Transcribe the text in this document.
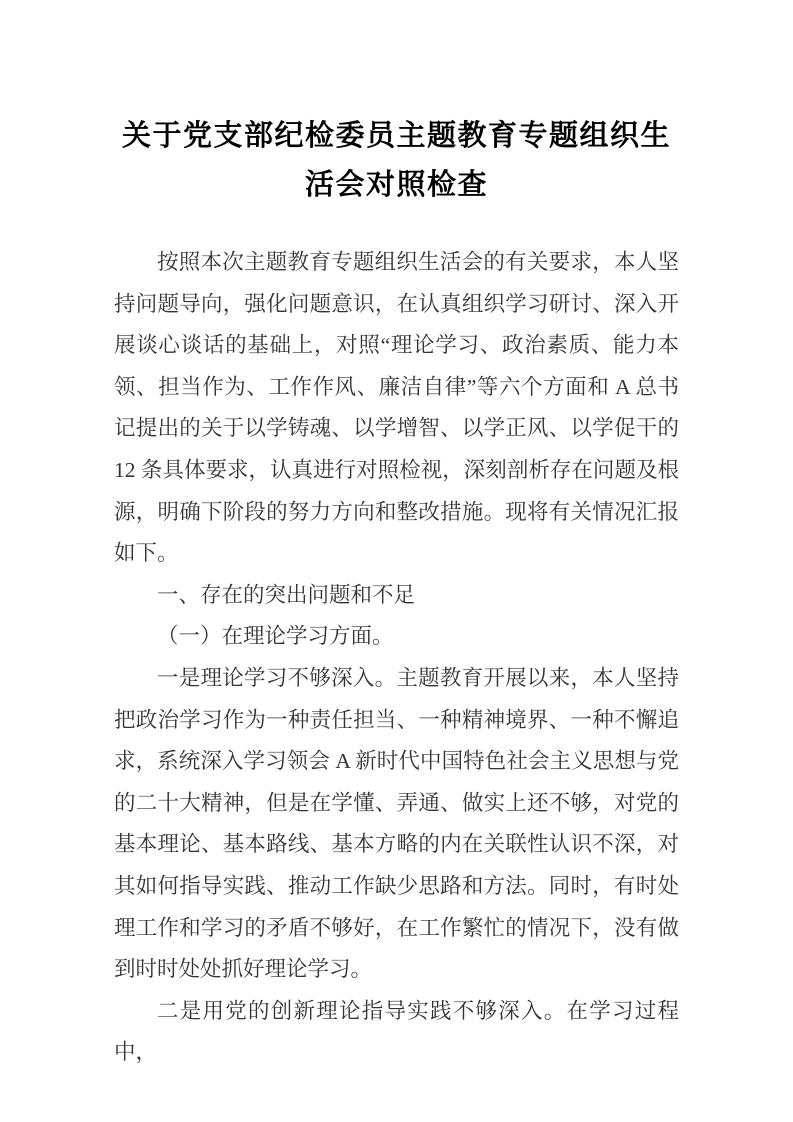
关于党支部纪检委员主题教育专题组织生活会对照检查

按照本次主题教育专题组织生活会的有关要求，本人坚持问题导向，强化问题意识，在认真组织学习研讨、深入开展谈心谈话的基础上，对照“理论学习、政治素质、能力本领、担当作为、工作作风、廉洁自律”等六个方面和 A 总书记提出的关于以学铸魂、以学增智、以学正风、以学促干的 12 条具体要求，认真进行对照检视，深刻剖析存在问题及根源，明确下阶段的努力方向和整改措施。现将有关情况汇报如下。

一、存在的突出问题和不足

（一）在理论学习方面。

一是理论学习不够深入。主题教育开展以来，本人坚持把政治学习作为一种责任担当、一种精神境界、一种不懈追求，系统深入学习领会 A 新时代中国特色社会主义思想与党的二十大精神，但是在学懂、弄通、做实上还不够，对党的基本理论、基本路线、基本方略的内在关联性认识不深，对其如何指导实践、推动工作缺少思路和方法。同时，有时处理工作和学习的矛盾不够好，在工作繁忙的情况下，没有做到时时处处抓好理论学习。

二是用党的创新理论指导实践不够深入。在学习过程中，
